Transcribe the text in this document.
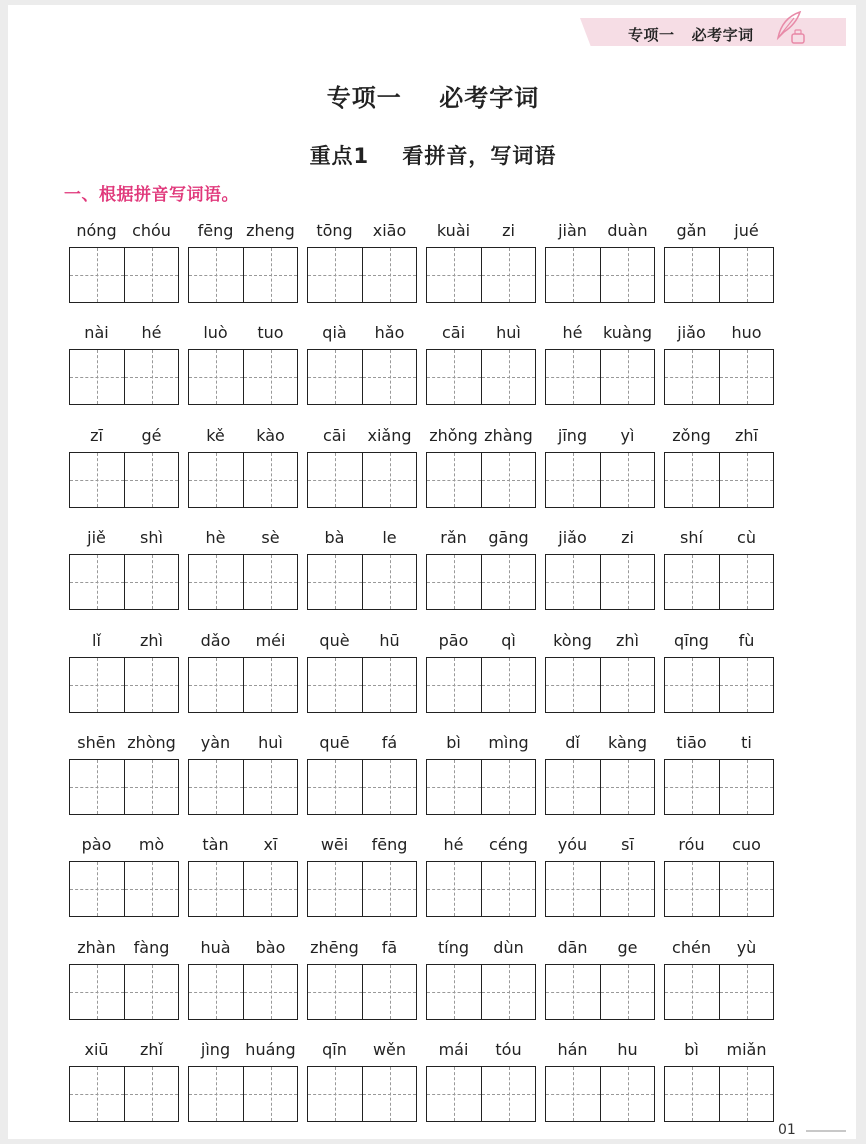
专项一   必考字词
专项一    必考字词
重点1    看拼音，写词语
一、根据拼音写词语。
nóng chóu	fēng zheng	tōng	xiāo	kuài	zi	jiàn	duàn	gǎn	jué
nài	hé	luò	tuo	qià	hǎo	cāi	huì	hé	kuàng	jiǎo	huo
zī	gé	kě	kào	cāi	xiǎng	zhǒng zhàng	jīng	yì	zǒng	zhī
jiě	shì	hè	sè	bà	le	rǎn	gāng	jiǎo	zi	shí	cù
lǐ	zhì	dǎo	méi	què	hū	pāo	qì	kòng	zhì	qīng	fù
shēn zhòng	yàn	huì	quē	fá	bì	mìng	dǐ	kàng	tiāo	ti
pào	mò	tàn	xī	wēi	fēng	hé	céng	yóu	sī	róu	cuo
zhàn	fàng	huà	bào	zhēng	fā	tíng	dùn	dān	ge	chén	yù
xiū	zhǐ	jìng huáng	qīn	wěn	mái	tóu	hán	hu	bì	miǎn
01
